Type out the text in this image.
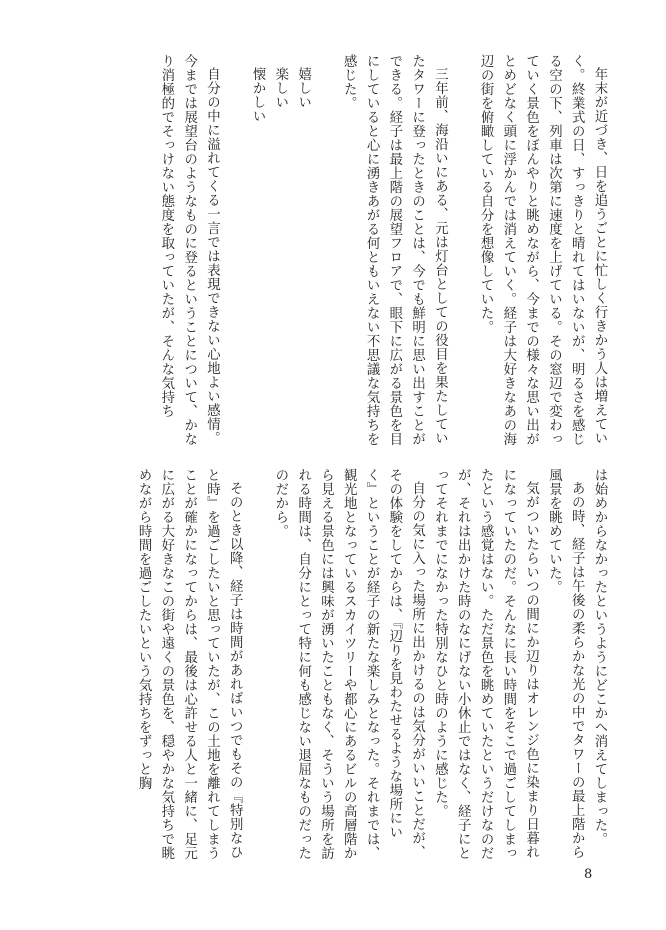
年末が近づき、日を追うごとに忙しく行きかう人は増えていく。終業式の日、すっきりと晴れてはいないが、明るさを感じる空の下、列車は次第に速度を上げている。その窓辺で変わっていく景色をぼんやりと眺めながら、今までの様々な思い出がとめどなく頭に浮かんでは消えていく。経子は大好きなあの海辺の街を俯瞰している自分を想像していた。

三年前、海沿いにある、元は灯台としての役目を果たしていたタワーに登ったときのことは、今でも鮮明に思い出すことができる。経子は最上階の展望フロアで、眼下に広がる景色を目にしていると心に湧きあがる何ともいえない不思議な気持ちを感じた。

嬉しい

楽しい

懐かしい

自分の中に溢れてくる一言では表現できない心地よい感情。今までは展望台のようなものに登るということについて、かなり消極的でそっけない態度を取っていたが、そんな気持ち

は始めからなかったというようにどこかへ消えてしまった。

あの時、経子は午後の柔らかな光の中でタワーの最上階から風景を眺めていた。

気がついたらいつの間にか辺りはオレンジ色に染まり日暮れになっていたのだ。そんなに長い時間をそこで過ごしてしまったという感覚はない。ただ景色を眺めていたというだけなのだが、それは出かけた時のなにげない小休止ではなく、経子にとってそれまでになかった特別なひと時のように感じた。

自分の気に入った場所に出かけるのは気分がいいことだが、その体験をしてからは、『辺りを見わたせるような場所にいく』ということが経子の新たな楽しみとなった。それまでは、観光地となっているスカイツリーや都心にあるビルの高層階から見える景色には興味が湧いたこともなく、そういう場所を訪れる時間は、自分にとって特に何も感じない退屈なものだったのだから。

そのとき以降、経子は時間があればいつでもその『特別なひと時』を過ごしたいと思っていたが、この土地を離れてしまうことが確かになってからは、最後は心許せる人と一緒に、足元に広がる大好きなこの街や遠くの景色を、穏やかな気持ちで眺めながら時間を過ごしたいという気持ちをずっと胸

8
